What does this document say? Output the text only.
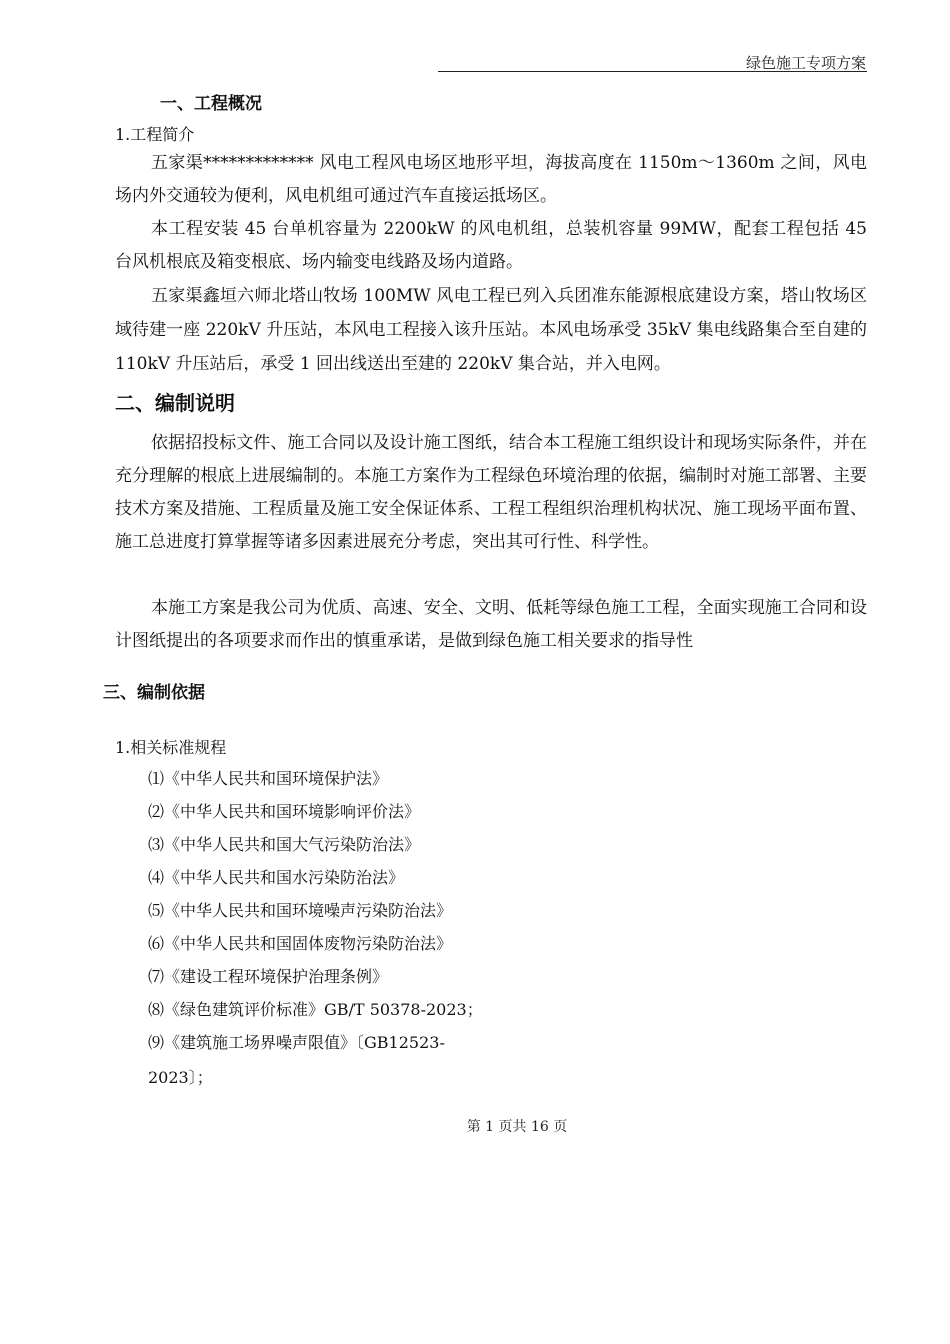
绿色施工专项方案
一、工程概况
1.工程简介

五家渠************* 风电工程风电场区地形平坦，海拔高度在 1150m～1360m 之间，风电场内外交通较为便利，风电机组可通过汽车直接运抵场区。

本工程安装 45 台单机容量为 2200kW 的风电机组，总装机容量 99MW，配套工程包括 45 台风机根底及箱变根底、场内输变电线路及场内道路。

五家渠鑫垣六师北塔山牧场 100MW 风电工程已列入兵团准东能源根底建设方案，塔山牧场区域待建一座 220kV 升压站，本风电工程接入该升压站。本风电场承受 35kV 集电线路集合至自建的 110kV 升压站后，承受 1 回出线送出至建的 220kV 集合站，并入电网。

二、编制说明

依据招投标文件、施工合同以及设计施工图纸，结合本工程施工组织设计和现场实际条件，并在充分理解的根底上进展编制的。本施工方案作为工程绿色环境治理的依据，编制时对施工部署、主要技术方案及措施、工程质量及施工安全保证体系、工程工程组织治理机构状况、施工现场平面布置、施工总进度打算掌握等诸多因素进展充分考虑，突出其可行性、科学性。

本施工方案是我公司为优质、高速、安全、文明、低耗等绿色施工工程，全面实现施工合同和设计图纸提出的各项要求而作出的慎重承诺，是做到绿色施工相关要求的指导性

三、编制依据
1.相关标准规程
⑴《中华人民共和国环境保护法》
⑵《中华人民共和国环境影响评价法》
⑶《中华人民共和国大气污染防治法》
⑷《中华人民共和国水污染防治法》
⑸《中华人民共和国环境噪声污染防治法》
⑹《中华人民共和国固体废物污染防治法》
⑺《建设工程环境保护治理条例》
⑻《绿色建筑评价标准》GB/T 50378-2023；
⑼《建筑施工场界噪声限值》〔GB12523-
2023〕；
第 1 页共 16 页
